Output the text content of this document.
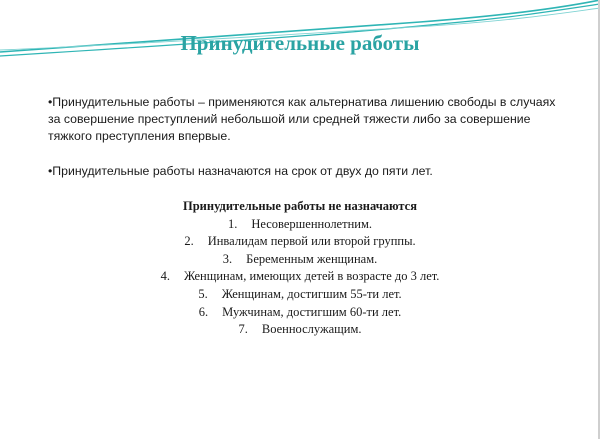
Принудительные работы

•Принудительные работы – применяются как альтернатива лишению свободы в случаях за совершение преступлений небольшой или средней тяжести либо за совершение тяжкого преступления впервые.

•Принудительные работы назначаются на срок от двух до пяти лет.

Принудительные работы не назначаются

1. Несовершеннолетним.
2. Инвалидам первой или второй группы.
3. Беременным женщинам.
4. Женщинам, имеющих детей в возрасте до 3 лет.
5. Женщинам, достигшим 55-ти лет.
6. Мужчинам, достигшим 60-ти лет.
7. Военнослужащим.
